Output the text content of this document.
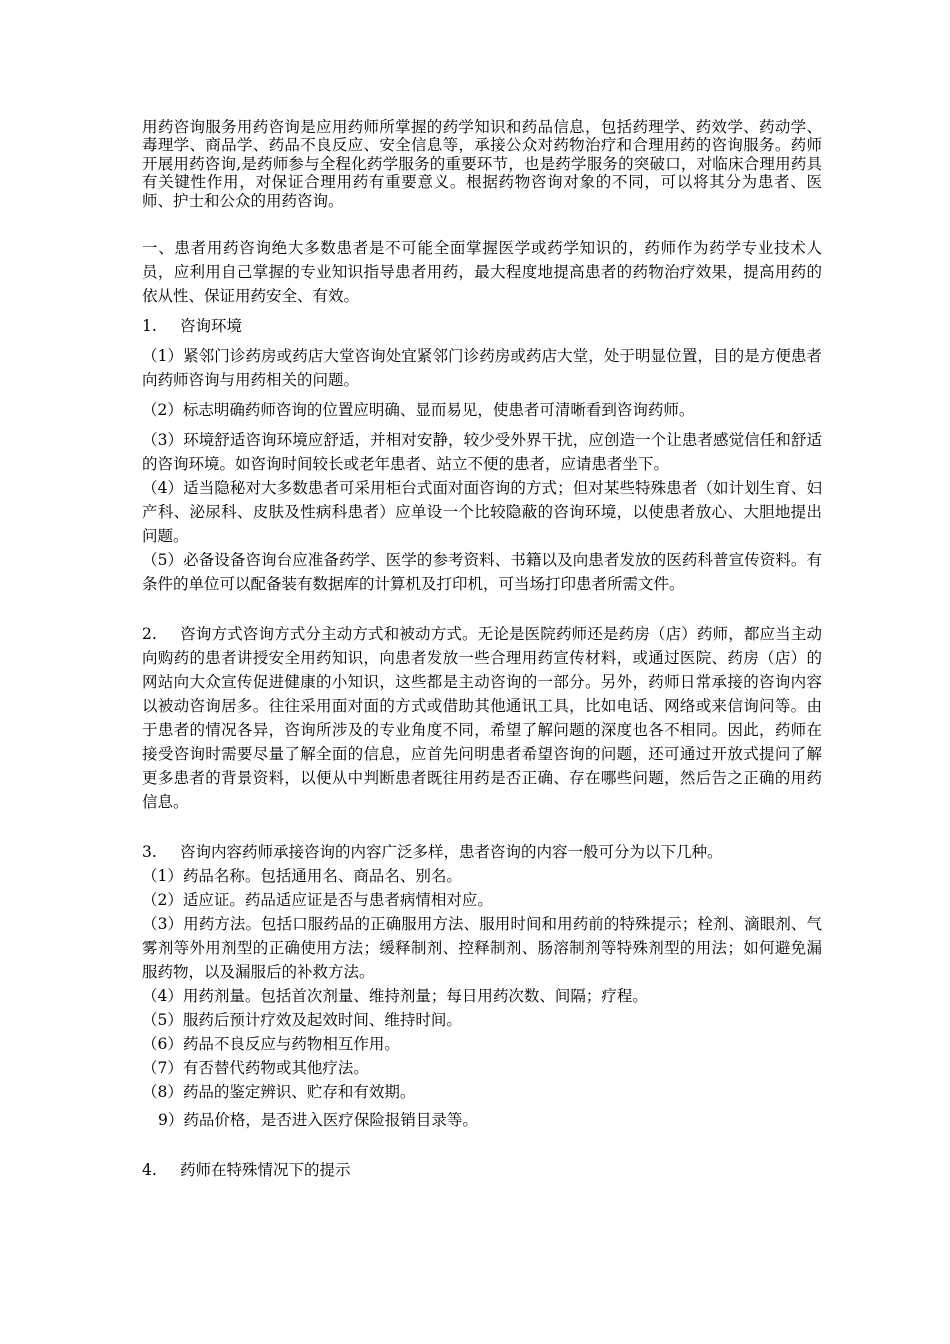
用药咨询服务用药咨询是应用药师所掌握的药学知识和药品信息，包括药理学、药效学、药动学、毒理学、商品学、药品不良反应、安全信息等，承接公众对药物治疗和合理用药的咨询服务。药师开展用药咨询,是药师参与全程化药学服务的重要环节，也是药学服务的突破口，对临床合理用药具有关键性作用，对保证合理用药有重要意义。根据药物咨询对象的不同，可以将其分为患者、医师、护士和公众的用药咨询。

一、患者用药咨询绝大多数患者是不可能全面掌握医学或药学知识的，药师作为药学专业技术人员，应利用自己掌握的专业知识指导患者用药，最大程度地提高患者的药物治疗效果，提高用药的依从性、保证用药安全、有效。

1. 咨询环境

（1）紧邻门诊药房或药店大堂咨询处宜紧邻门诊药房或药店大堂，处于明显位置，目的是方便患者向药师咨询与用药相关的问题。

（2）标志明确药师咨询的位置应明确、显而易见，使患者可清晰看到咨询药师。

（3）环境舒适咨询环境应舒适，并相对安静，较少受外界干扰，应创造一个让患者感觉信任和舒适的咨询环境。如咨询时间较长或老年患者、站立不便的患者，应请患者坐下。

（4）适当隐秘对大多数患者可采用柜台式面对面咨询的方式；但对某些特殊患者（如计划生育、妇产科、泌尿科、皮肤及性病科患者）应单设一个比较隐蔽的咨询环境，以使患者放心、大胆地提出问题。

（5）必备设备咨询台应准备药学、医学的参考资料、书籍以及向患者发放的医药科普宣传资料。有条件的单位可以配备装有数据库的计算机及打印机，可当场打印患者所需文件。

2. 咨询方式咨询方式分主动方式和被动方式。无论是医院药师还是药房（店）药师，都应当主动向购药的患者讲授安全用药知识，向患者发放一些合理用药宣传材料，或通过医院、药房（店）的网站向大众宣传促进健康的小知识，这些都是主动咨询的一部分。另外，药师日常承接的咨询内容以被动咨询居多。往往采用面对面的方式或借助其他通讯工具，比如电话、网络或来信询问等。由于患者的情况各异，咨询所涉及的专业角度不同，希望了解问题的深度也各不相同。因此，药师在接受咨询时需要尽量了解全面的信息，应首先问明患者希望咨询的问题，还可通过开放式提问了解更多患者的背景资料，以便从中判断患者既往用药是否正确、存在哪些问题，然后告之正确的用药信息。

3. 咨询内容药师承接咨询的内容广泛多样，患者咨询的内容一般可分为以下几种。

（1）药品名称。包括通用名、商品名、别名。

（2）适应证。药品适应证是否与患者病情相对应。

（3）用药方法。包括口服药品的正确服用方法、服用时间和用药前的特殊提示；栓剂、滴眼剂、气雾剂等外用剂型的正确使用方法；缓释制剂、控释制剂、肠溶制剂等特殊剂型的用法；如何避免漏服药物，以及漏服后的补救方法。

（4）用药剂量。包括首次剂量、维持剂量；每日用药次数、间隔；疗程。

（5）服药后预计疗效及起效时间、维持时间。

（6）药品不良反应与药物相互作用。

（7）有否替代药物或其他疗法。

（8）药品的鉴定辨识、贮存和有效期。

9）药品价格，是否进入医疗保险报销目录等。

4. 药师在特殊情况下的提示
